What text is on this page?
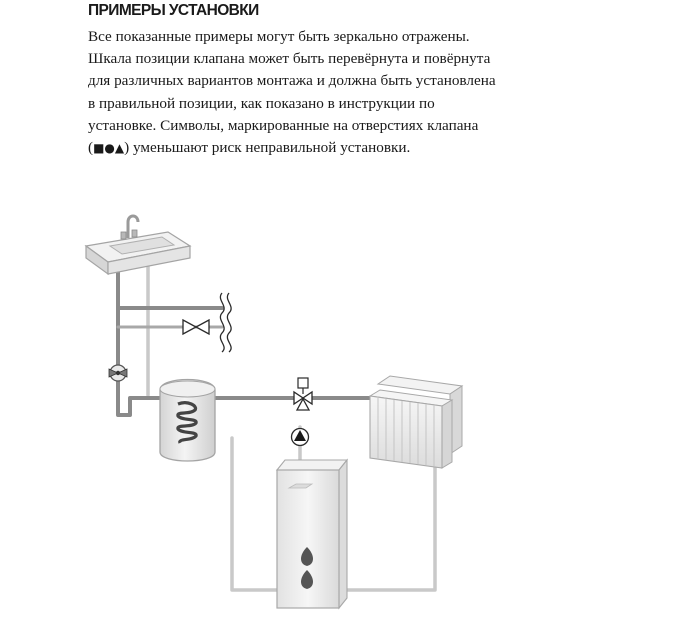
ПРИМЕРЫ УСТАНОВКИ
Все показанные примеры могут быть зеркально отражены.
Шкала позиции клапана может быть перевёрнута и повёрнута
для различных вариантов монтажа и должна быть установлена
в правильной позиции, как показано в инструкции по
установке. Символы, маркированные на отверстиях клапана
(■●▲) уменьшают риск неправильной установки.
